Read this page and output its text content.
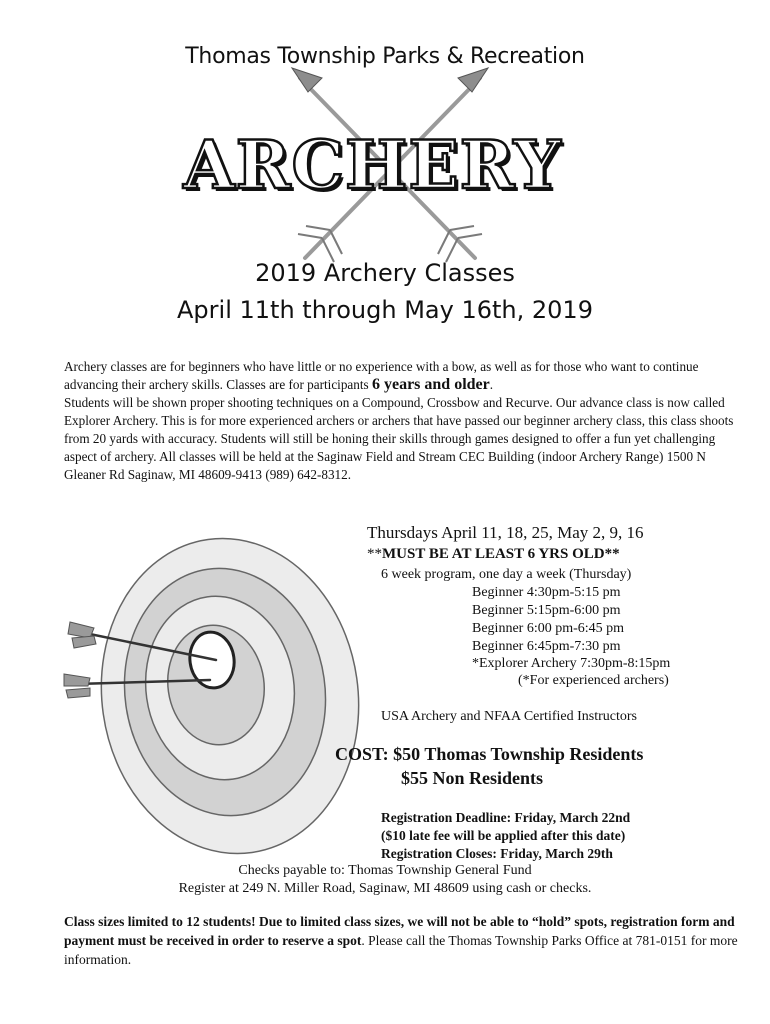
Thomas Township Parks & Recreation
ARCHERY
2019 Archery Classes
April 11th through May 16th, 2019

Archery classes are for beginners who have little or no experience with a bow, as well as for those who want to continue advancing their archery skills. Classes are for participants 6 years and older.

Students will be shown proper shooting techniques on a Compound, Crossbow and Recurve. Our advance class is now called Explorer Archery. This is for more experienced archers or archers that have passed our beginner archery class, this class shoots from 20 yards with accuracy. Students will still be honing their skills through games designed to offer a fun yet challenging aspect of archery. All classes will be held at the Saginaw Field and Stream CEC Building (indoor Archery Range) 1500 N Gleaner Rd Saginaw, MI 48609-9413 (989) 642-8312.

Thursdays April 11, 18, 25, May 2, 9, 16
**MUST BE AT LEAST 6 YRS OLD**
6 week program, one day a week (Thursday)
Beginner 4:30pm-5:15 pm
Beginner 5:15pm-6:00 pm
Beginner 6:00 pm-6:45 pm
Beginner 6:45pm-7:30 pm
*Explorer Archery 7:30pm-8:15pm
(*For experienced archers)
USA Archery and NFAA Certified Instructors
COST: $50 Thomas Township Residents
$55 Non Residents
Registration Deadline: Friday, March 22nd
($10 late fee will be applied after this date)
Registration Closes: Friday, March 29th
Checks payable to: Thomas Township General Fund
Register at 249 N. Miller Road, Saginaw, MI 48609 using cash or checks.
Class sizes limited to 12 students! Due to limited class sizes, we will not be able to “hold” spots, registration form and payment must be received in order to reserve a spot. Please call the Thomas Township Parks Office at 781-0151 for more information.
